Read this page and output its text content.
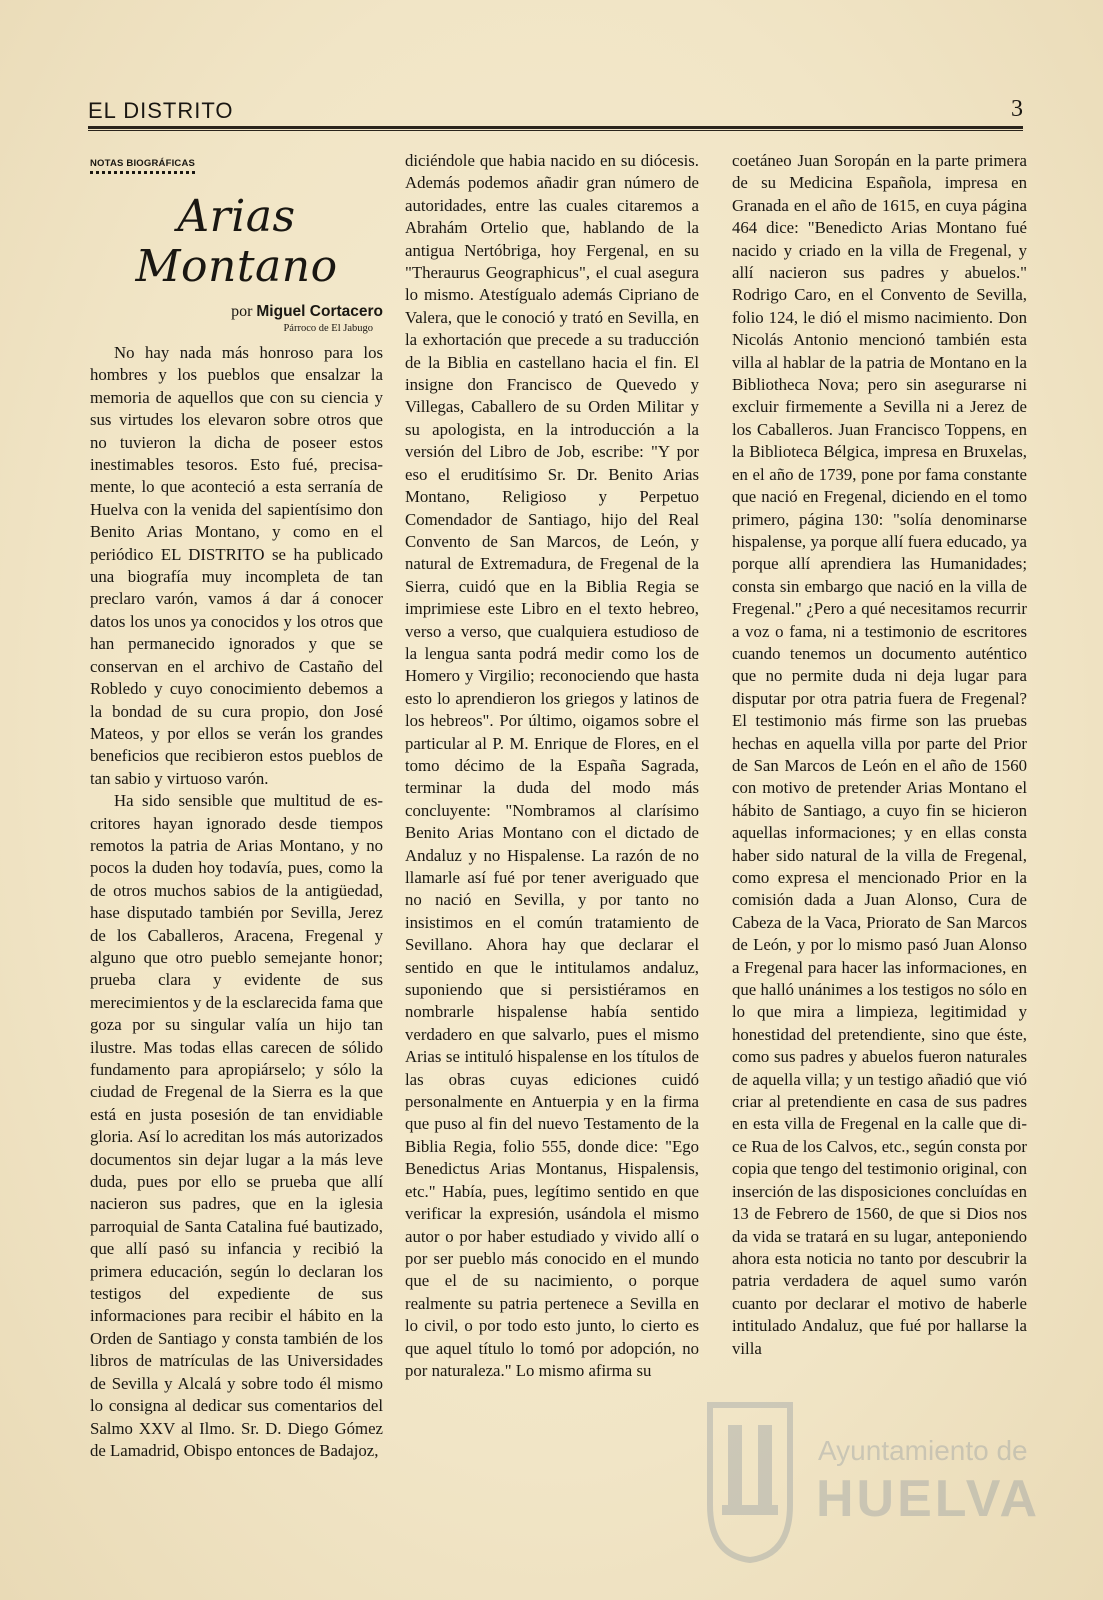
EL DISTRITO	3
NOTAS BIOGRÁFICAS
Arias Montano
por Miguel Cortacero
Párroco de El Jabugo

No hay nada más honroso para los hombres y los pueblos que ensalzar la memoria de aquellos que con su ciencia y sus virtudes los elevaron sobre otros que no tuvieron la dicha de poseer estos inestimables tesoros. Esto fué, precisamente, lo que aconteció a esta serranía de Huelva con la venida del sapientísimo don Benito Arias Montano, y como en el periódico EL DISTRITO se ha publicado una biografía muy incompleta de tan preclaro varón, vamos á dar á conocer datos los unos ya conocidos y los otros que han permanecido ignorados y que se conservan en el archivo de Castaño del Robledo y cuyo conocimiento debemos a la bondad de su cura propio, don José Mateos, y por ellos se verán los grandes beneficios que recibieron estos pueblos de tan sabio y virtuoso varón.

Ha sido sensible que multitud de escritores hayan ignorado desde tiempos remotos la patria de Arias Montano, y no pocos la duden hoy todavía, pues, como la de otros muchos sabios de la antigüedad, hase disputado también por Sevilla, Jerez de los Caballeros, Aracena, Fregenal y alguno que otro pueblo semejante honor; prueba clara y evidente de sus merecimientos y de la esclarecida fama que goza por su singular valía un hijo tan ilustre. Mas todas ellas carecen de sólido fundamento para apropiárselo; y sólo la ciudad de Fregenal de la Sierra es la que está en justa posesión de tan envidiable gloria. Así lo acreditan los más autorizados documentos sin dejar lugar a la más leve duda, pues por ello se prueba que allí nacieron sus padres, que en la iglesia parroquial de Santa Catalina fué bautizado, que allí pasó su infancia y recibió la primera educación, según lo declaran los testigos del expediente de sus informaciones para recibir el hábito en la Orden de Santiago y consta también de los libros de matrículas de las Universidades de Sevilla y Alcalá y sobre todo él mismo lo consigna al dedicar sus comentarios del Salmo XXV al Ilmo. Sr. D. Diego Gómez de Lamadrid, Obispo entonces de Badajoz,

diciéndole que habia nacido en su diócesis. Además podemos añadir gran número de autoridades, entre las cuales citaremos a Abrahám Ortelio que, hablando de la antigua Nertóbriga, hoy Fergenal, en su "Theraurus Geographicus", el cual asegura lo mismo. Atestígualo además Cipriano de Valera, que le conoció y trató en Sevilla, en la exhortación que precede a su traducción de la Biblia en castellano hacia el fin. El insigne don Francisco de Quevedo y Villegas, Caballero de su Orden Militar y su apologista, en la introducción a la versión del Libro de Job, escribe: "Y por eso el eruditísimo Sr. Dr. Benito Arias Montano, Religioso y Perpetuo Comendador de Santiago, hijo del Real Convento de San Marcos, de León, y natural de Extremadura, de Fregenal de la Sierra, cuidó que en la Biblia Regia se imprimiese este Libro en el texto hebreo, verso a verso, que cualquiera estudioso de la lengua santa podrá medir como los de Homero y Virgilio; reconociendo que hasta esto lo aprendieron los griegos y latinos de los hebreos". Por último, oigamos sobre el particular al P. M. Enrique de Flores, en el tomo décimo de la España Sagrada, terminar la duda del modo más concluyente: "Nombramos al clarísimo Benito Arias Montano con el dictado de Andaluz y no Hispalense. La razón de no llamarle así fué por tener averiguado que no nació en Sevilla, y por tanto no insistimos en el común tratamiento de Sevillano. Ahora hay que declarar el sentido en que le intitulamos andaluz, suponiendo que si persistiéramos en nombrarle hispalense había sentido verdadero en que salvarlo, pues el mismo Arias se intituló hispalense en los títulos de las obras cuyas ediciones cuidó personalmente en Antuerpia y en la firma que puso al fin del nuevo Testamento de la Biblia Regia, folio 555, donde dice: "Ego Benedictus Arias Montanus, Hispalensis, etc." Había, pues, legítimo sentido en que verificar la expresión, usándola el mismo autor o por haber estudiado y vivido allí o por ser pueblo más conocido en el mundo que el de su nacimiento, o porque realmente su patria pertenece a Sevilla en lo civil, o por todo esto junto, lo cierto es que aquel título lo tomó por adopción, no por naturaleza." Lo mismo afirma su

coetáneo Juan Soropán en la parte primera de su Medicina Española, impresa en Granada en el año de 1615, en cuya página 464 dice: "Benedicto Arias Montano fué nacido y criado en la villa de Fregenal, y allí nacieron sus padres y abuelos." Rodrigo Caro, en el Convento de Sevilla, folio 124, le dió el mismo nacimiento. Don Nicolás Antonio mencionó también esta villa al hablar de la patria de Montano en la Bibliotheca Nova; pero sin asegurarse ni excluir firmemente a Sevilla ni a Jerez de los Caballeros. Juan Francisco Toppens, en la Biblioteca Bélgica, impresa en Bruxelas, en el año de 1739, pone por fama constante que nació en Fregenal, diciendo en el tomo primero, página 130: "solía denominarse hispalense, ya porque allí fuera educado, ya porque allí aprendiera las Humanidades; consta sin embargo que nació en la villa de Fregenal." ¿Pero a qué necesitamos recurrir a voz o fama, ni a testimonio de escritores cuando tenemos un documento auténtico que no permite duda ni deja lugar para disputar por otra patria fuera de Fregenal? El testimonio más firme son las pruebas hechas en aquella villa por parte del Prior de San Marcos de León en el año de 1560 con motivo de pretender Arias Montano el hábito de Santiago, a cuyo fin se hicieron aquellas informaciones; y en ellas consta haber sido natural de la villa de Fregenal, como expresa el mencionado Prior en la comisión dada a Juan Alonso, Cura de Cabeza de la Vaca, Priorato de San Marcos de León, y por lo mismo pasó Juan Alonso a Fregenal para hacer las informaciones, en que halló unánimes a los testigos no sólo en lo que mira a limpieza, legitimidad y honestidad del pretendiente, sino que éste, como sus padres y abuelos fueron naturales de aquella villa; y un testigo añadió que vió criar al pretendiente en casa de sus padres en esta villa de Fregenal en la calle que dice Rua de los Calvos, etc., según consta por copia que tengo del testimonio original, con inserción de las disposiciones concluídas en 13 de Febrero de 1560, de que si Dios nos da vida se tratará en su lugar, anteponiendo ahora esta noticia no tanto por descubrir la patria verdadera de aquel sumo varón cuanto por declarar el motivo de haberle intitulado Andaluz, que fué por hallarse la villa

Ayuntamiento de
HUELVA
